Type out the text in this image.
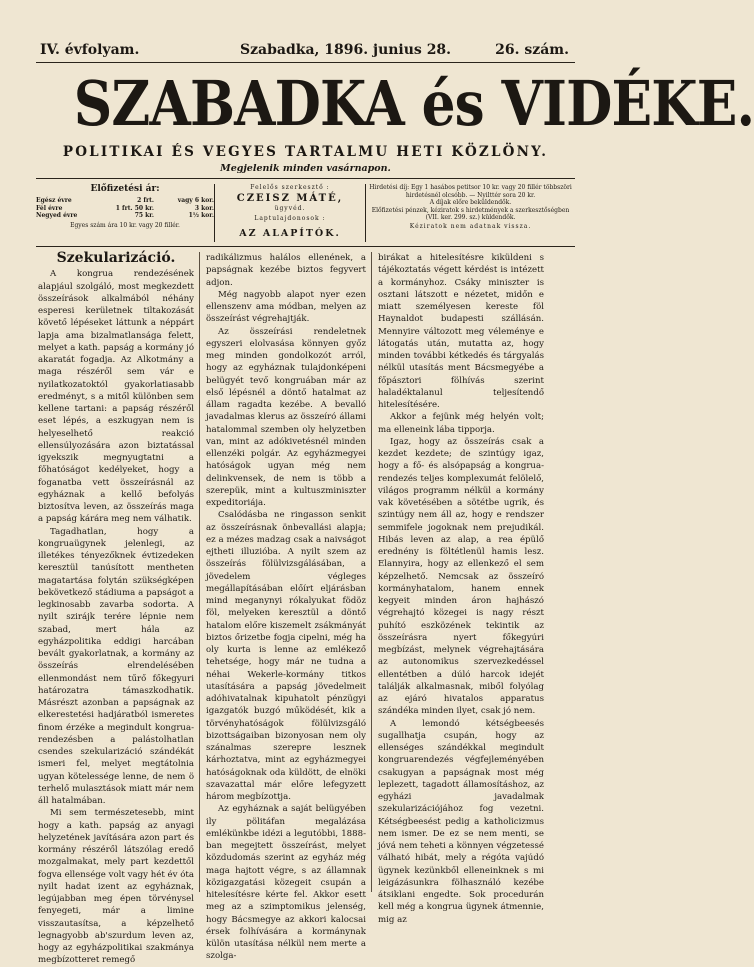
IV. évfolyam.	Szabadka, 1896. junius 28.	26. szám.
SZABADKA és VIDÉKE.
POLITIKAI ÉS VEGYES TARTALMU HETI KÖZLÖNY.
Megjelenik minden vasárnapon.
Előfizetési ár:
Egész évre	2 frt.	vagy 6 kor.
Fél évre	1 frt. 50 kr.	3 kor.
Negyed évre	75 kr.	1½ kor.
Egyes szám ára 10 kr. vagy 20 fillér.
Felelős szerkesztő :
CZEISZ MÁTÉ,
ügyvéd.
Laptulajdonosok :
AZ ALAPÍTÓK.
Hirdetési díj: Egy 1 hasábos petitsor 10 kr. vagy 20 fillér többszöri hirdetésnél olcsóbb. — Nyilttér sora 20 kr.
A díjak előre beküldendők.
Előfizetési pénzek, kéziratok s hirdetmények a szerkesztőségben (VII. ker. 299. sz.) küldendők.
Kéziratok nem adatnak vissza.
Szekularizáció.

A kongrua rendezésének alapjául szolgáló, most megkezdett összeírások alkalmából néhány esperesi kerületnek tiltakozását követő lépéseket láttunk a néppárt lapja ama bizalmatlansága felett, melyet a kath. papság a kormány jó akaratát fogadja. Az Alkotmány a maga részéről sem vár e nyilatkozatoktól gyakorlatiasabb eredményt, s a mitől különben sem kellene tartani: a papság részéről eset lépés, a eszkugyan nem is helyeselhető reakció ellensúlyozására azon biztatással igyekszik megnyugtatni a főhatóságot kedélyeket, hogy a foganatba vett összeírásnál az egyháznak a kellő befolyás biztosítva leven, az összeírás maga a papság kárára meg nem válhatik.

Tagadhatlan, hogy a kongruaügynek jelenlegi, az illetékes tényezőknek évtizedeken keresztül tanúsított mentheten magatartása folytán szükségképen bekövetkező stádiuma a papságot a legkinosabb zavarba sodorta. A nyilt szirájk terére lépnie nem szabad, mert hála az egyházpolitika eddigi harcában bevált gyakorlatnak, a kormány az összeírás elrendelésében ellenmondást nem tűrő főkegyuri határozatra támaszkodhatik. Másrészt azonban a papságnak az elkerestetési hadjáratból ismeretes finom érzéke a megindult kongrua-rendezésben a palástolhatlan csendes szekularizáció szándékát ismeri fel, melyet megtátolnia ugyan kötelessége lenne, de nem ö terhelő mulasztások miatt már nem áll hatalmában.

Mi sem természetesebb, mint hogy a kath. papság az anyagi helyzetének javítására azon part és kormány részéről látszólag eredő mozgalmakat, mely part kezdettől fogva ellensége volt vagy hét év óta nyilt hadat izent az egyháznak, legújabban meg épen törvénysel fenyegeti, már a limine visszautasítsa, a képzelhető legnagyobb ab'szurdum leven az, hogy az egyházpolitikai szakmánya megbízotteret remegő

radikálizmus halálos ellenének, a papságnak kezébe biztos fegyvert adjon.

Még nagyobb alapot nyer ezen ellenszenv ama módban, melyen az összeírást végrehajtják.

Az összeírási rendeletnek egyszeri elolvasása könnyen győz meg minden gondolkozót arról, hogy az egyháznak tulajdonképeni belügyét tevő kongruában már az első lépésnél a döntő hatalmat az állam ragadta kezébe. A bevalló javadalmas klerus az összeíró állami hatalommal szemben oly helyzetben van, mint az adókivetésnél minden ellenzéki polgár. Az egyházmegyei hatóságok ugyan még nem delinkvensek, de nem is több a szerepük, mint a kultuszminiszter expeditoriája.

Csalódásba ne ringasson senkit az összeírásnak önbevallási alapja; ez a mézes madzag csak a naivságot ejtheti illuzióba. A nyilt szem az összeírás fölülvizsgálásában, a jövedelem végleges megállapításában előírt eljárásban mind meganynyi rókalyukat födöz föl, melyeken keresztül a döntő hatalom előre kiszemelt zsákmányát biztos őrizetbe fogja cipelni, még ha oly kurta is lenne az emlékező tehetsége, hogy már ne tudna a néhai Wekerle-kormány titkos utasítására a papság jövedelmeit adóhivatalnak kipuhatolt pénzügyi igazgatók buzgó működését, kik a törvényhatóságok fölülvizsgáló bizottságaiban bizonyosan nem oly szánalmas szerepre lesznek kárhoztatva, mint az egyházmegyei hatóságoknak oda küldött, de elnöki szavazattal már előre lefegyzett három megbízottja.

Az egyháznak a saját belügyében ily pölitáfan megalázása emlékünkbe idézi a legutóbbi, 1888-ban megejtett összeírást, melyet közdudomás szerint az egyház még maga hajtott végre, s az államnak közigazgatási közegeit csupán a hitelesítésre kérte fel. Akkor esett meg az a szimptomikus jelenség, hogy Bácsmegye az akkori kalocsai érsek folhívására a kormánynak külön utasítása nélkül nem merte a szolga-

birákat a hitelesítésre kiküldeni s tájékoztatás végett kérdést is intézett a kormányhoz. Csáky miniszter is osztani látszott e nézetet, midőn e miatt személyesen kereste föl Haynaldot budapesti szállásán. Mennyire változott meg véleménye e látogatás után, mutatta az, hogy minden további kétkedés és tárgyalás nélkül utasítás ment Bácsmegyébe a főpásztori fölhívás szerint haladéktalanul teljesítendő hitelesítésére.

Akkor a fejünk még helyén volt; ma elleneink lába tipporja.

Igaz, hogy az összeírás csak a kezdet kezdete; de szintúgy igaz, hogy a fő- és alsópapság a kongrua-rendezés teljes komplexumát felölelő, világos programm nélkül a kormány vak követésében a sötétbe ugrik, és szintúgy nem áll az, hogy e rendszer semmifele jogoknak nem prejudikál. Hibás leven az alap, a rea épülő erednény is föltétlenül hamis lesz. Elannyira, hogy az ellenkező el sem képzelhető. Nemcsak az összeíró kormányhatalom, hanem ennek kegyeit minden áron hajhászó végrehajtó közegei is nagy részt puhító eszközének tekintik az összeírásra nyert főkegyúri megbízást, melynek végrehajtására az autonomikus szervezkedéssel ellentétben a dúló harcok idejét találják alkalmasnak, miből folyólag az ejáró hivatalos apparatus szándéka minden ilyet, csak jó nem.

A lemondó kétségbeesés sugallhatja csupán, hogy az ellenséges szándékkal megindult kongruarendezés végfejleményében csakugyan a papságnak most még leplezett, tagadott államosításhoz, az egyházi javadalmak szekularizációjához fog vezetni. Kétségbeesést pedig a katholicizmus nem ismer. De ez se nem menti, se jóvá nem teheti a könnyen végzetessé válható hibát, mely a régóta vajúdó ügynek kezünkből elleneinknek s mi leigázásunkra fölhasználó kezébe átsiklani engedte. Sok procedurán kell még a kongrua ügynek átmennie, mig az
